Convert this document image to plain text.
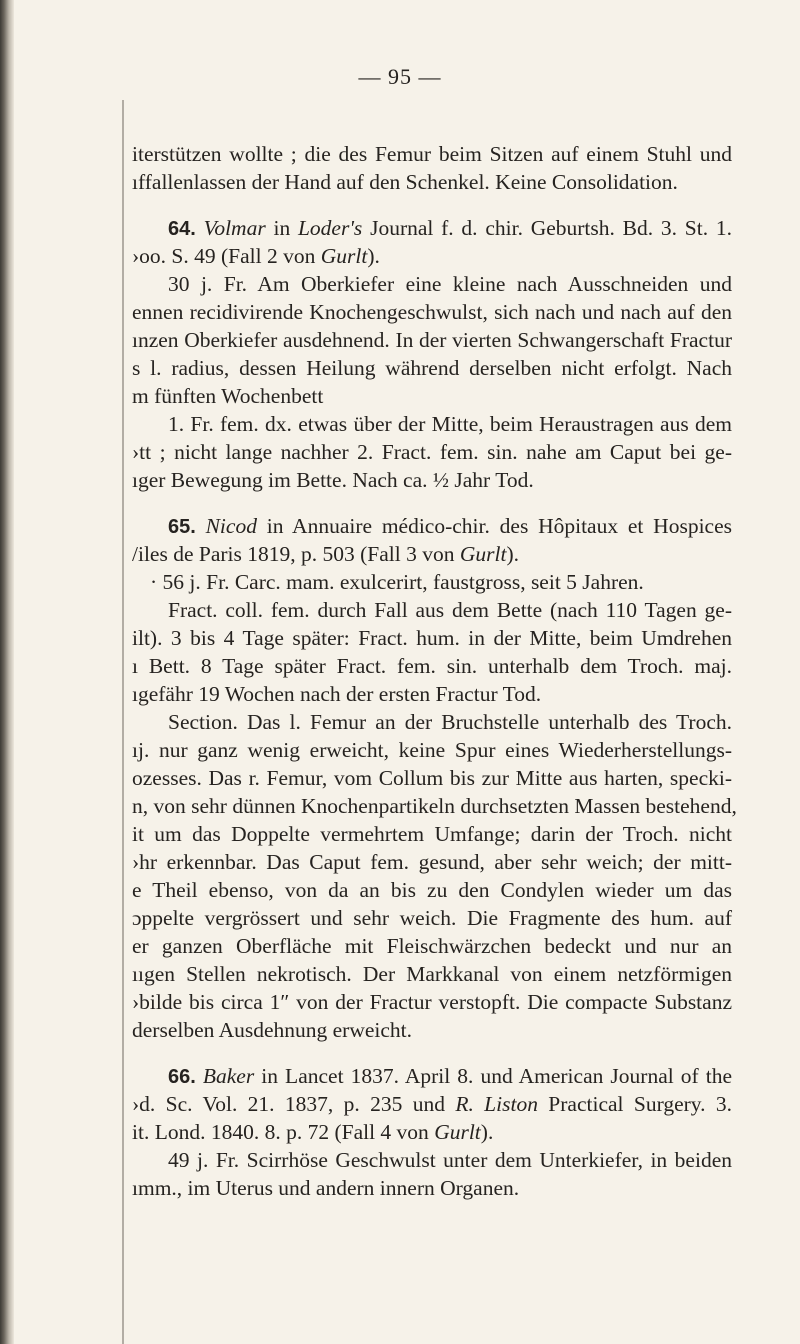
— 95 —
iterstützen wollte ; die des Femur beim Sitzen auf einem Stuhl und
ıffallenlassen der Hand auf den Schenkel. Keine Consolidation.
64. Volmar in Loder's Journal f. d. chir. Geburtsh. Bd. 3. St. 1.
›oo. S. 49 (Fall 2 von Gurlt).
30 j. Fr. Am Oberkiefer eine kleine nach Ausschneiden und
ennen recidivirende Knochengeschwulst, sich nach und nach auf den
ınzen Oberkiefer ausdehnend. In der vierten Schwangerschaft Fractur
s l. radius, dessen Heilung während derselben nicht erfolgt. Nach
m fünften Wochenbett
1. Fr. fem. dx. etwas über der Mitte, beim Heraustragen aus dem
›tt ; nicht lange nachher 2. Fract. fem. sin. nahe am Caput bei ge-
ıger Bewegung im Bette. Nach ca. ½ Jahr Tod.
65. Nicod in Annuaire médico-chir. des Hôpitaux et Hospices
/iles de Paris 1819, p. 503 (Fall 3 von Gurlt).
· 56 j. Fr. Carc. mam. exulcerirt, faustgross, seit 5 Jahren.
Fract. coll. fem. durch Fall aus dem Bette (nach 110 Tagen ge-
ilt). 3 bis 4 Tage später: Fract. hum. in der Mitte, beim Umdrehen
ı Bett. 8 Tage später Fract. fem. sin. unterhalb dem Troch. maj.
ıgefähr 19 Wochen nach der ersten Fractur Tod.
Section. Das l. Femur an der Bruchstelle unterhalb des Troch.
ıj. nur ganz wenig erweicht, keine Spur eines Wiederherstellungs-
ozesses. Das r. Femur, vom Collum bis zur Mitte aus harten, specki-
n, von sehr dünnen Knochenpartikeln durchsetzten Massen bestehend,
it um das Doppelte vermehrtem Umfange; darin der Troch. nicht
›hr erkennbar. Das Caput fem. gesund, aber sehr weich; der mitt-
e Theil ebenso, von da an bis zu den Condylen wieder um das
ɔppelte vergrössert und sehr weich. Die Fragmente des hum. auf
er ganzen Oberfläche mit Fleischwärzchen bedeckt und nur an
ııgen Stellen nekrotisch. Der Markkanal von einem netzförmigen
›bilde bis circa 1″ von der Fractur verstopft. Die compacte Substanz
derselben Ausdehnung erweicht.
66. Baker in Lancet 1837. April 8. und American Journal of the
›d. Sc. Vol. 21. 1837, p. 235 und R. Liston Practical Surgery. 3.
it. Lond. 1840. 8. p. 72 (Fall 4 von Gurlt).
49 j. Fr. Scirrhöse Geschwulst unter dem Unterkiefer, in beiden
ımm., im Uterus und andern innern Organen.
